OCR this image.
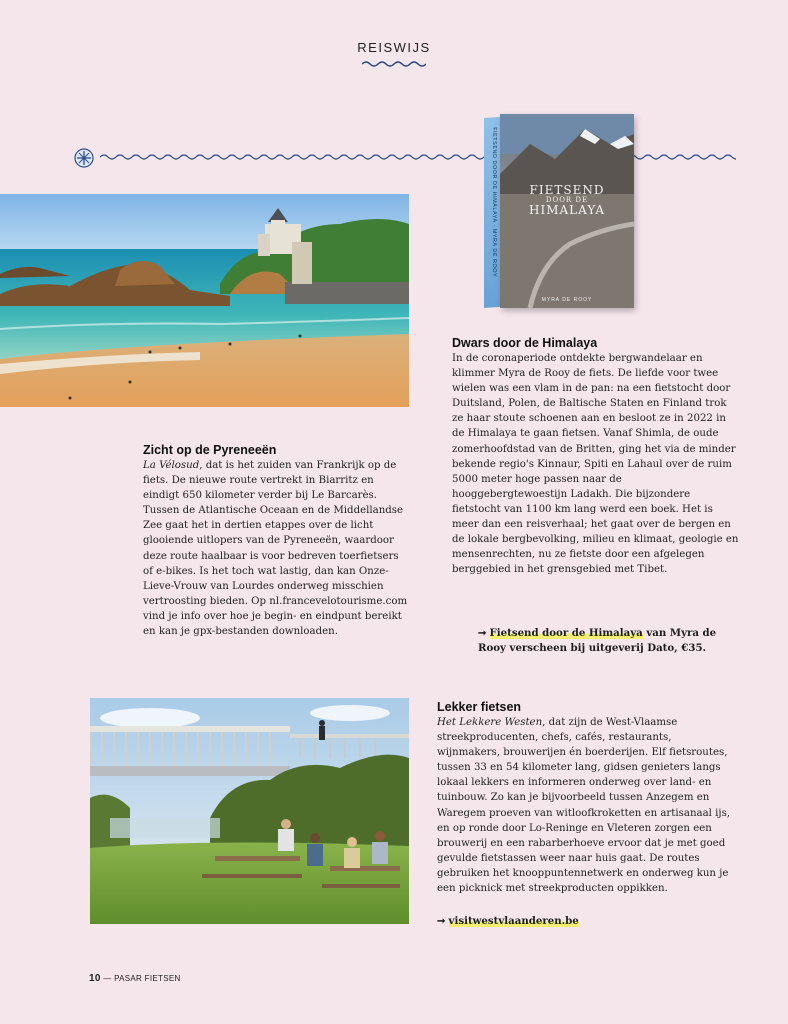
REISWIJS
FIETSEND DOOR DE HIMALAYA · MYRA DE ROOY	FIETSEND
DOOR DE
HIMALAYA
MYRA DE ROOY
Zicht op de Pyreneeën

La Vélosud, dat is het zuiden van Frankrijk op de fiets. De nieuwe route vertrekt in Biarritz en eindigt 650 kilometer verder bij Le Barcarès. Tussen de Atlantische Oceaan en de Middellandse Zee gaat het in dertien etappes over de licht glooiende uitlopers van de Pyreneeën, waardoor deze route haalbaar is voor bedreven toerfietsers of e-bikes. Is het toch wat lastig, dan kan Onze-Lieve-Vrouw van Lourdes onderweg misschien vertroosting bieden. Op nl.francevelotourisme.com vind je info over hoe je begin- en eindpunt bereikt en kan je gpx-bestanden downloaden.

Dwars door de Himalaya

In de coronaperiode ontdekte bergwandelaar en klimmer Myra de Rooy de fiets. De liefde voor twee wielen was een vlam in de pan: na een fietstocht door Duitsland, Polen, de Baltische Staten en Finland trok ze haar stoute schoenen aan en besloot ze in 2022 in de Himalaya te gaan fietsen. Vanaf Shimla, de oude zomerhoofdstad van de Britten, ging het via de minder bekende regio's Kinnaur, Spiti en Lahaul over de ruim 5000 meter hoge passen naar de hooggebergtewoestijn Ladakh. Die bijzondere fietstocht van 1100 km lang werd een boek. Het is meer dan een reisverhaal; het gaat over de bergen en de lokale bergbevolking, milieu en klimaat, geologie en mensenrechten, nu ze fietste door een afgelegen berggebied in het grensgebied met Tibet.

➞ Fietsend door de Himalaya van Myra de Rooy verscheen bij uitgeverij Dato, €35.

Lekker fietsen

Het Lekkere Westen, dat zijn de West-Vlaamse streekproducenten, chefs, cafés, restaurants, wijnmakers, brouwerijen én boerderijen. Elf fietsroutes, tussen 33 en 54 kilometer lang, gidsen genieters langs lokaal lekkers en informeren onderweg over land- en tuinbouw. Zo kan je bijvoorbeeld tussen Anzegem en Waregem proeven van witloofkroketten en artisanaal ijs, en op ronde door Lo-Reninge en Vleteren zorgen een brouwerij en een rabarberhoeve ervoor dat je met goed gevulde fietstassen weer naar huis gaat. De routes gebruiken het knooppuntennetwerk en onderweg kun je een picknick met streekproducten oppikken.

➞ visitwestvlaanderen.be

10 — PASAR FIETSEN
